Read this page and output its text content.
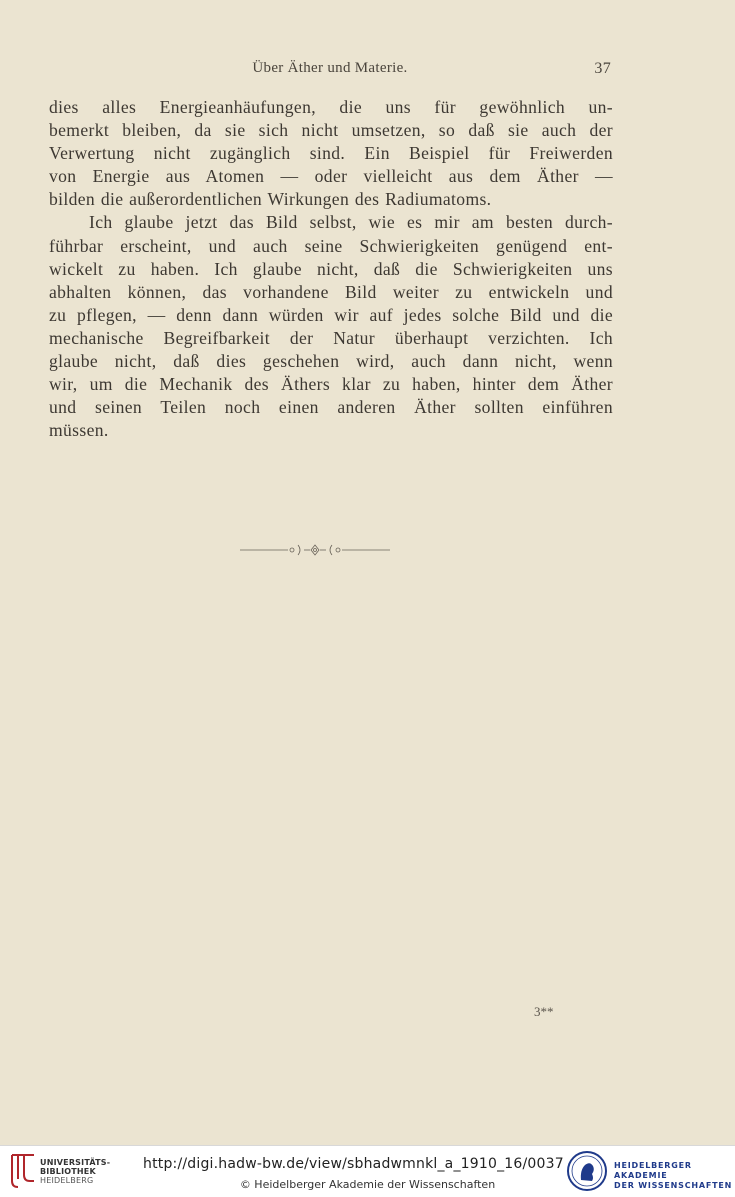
Über Äther und Materie.	37
dies alles Energieanhäufungen, die uns für gewöhnlich un-
bemerkt bleiben, da sie sich nicht umsetzen, so daß sie auch der
Verwertung nicht zugänglich sind. Ein Beispiel für Freiwerden
von Energie aus Atomen — oder vielleicht aus dem Äther —
bilden die außerordentlichen Wirkungen des Radiumatoms.
Ich glaube jetzt das Bild selbst, wie es mir am besten durch-
führbar erscheint, und auch seine Schwierigkeiten genügend ent-
wickelt zu haben. Ich glaube nicht, daß die Schwierigkeiten uns
abhalten können, das vorhandene Bild weiter zu entwickeln und
zu pflegen, — denn dann würden wir auf jedes solche Bild und die
mechanische Begreifbarkeit der Natur überhaupt verzichten. Ich
glaube nicht, daß dies geschehen wird, auch dann nicht, wenn
wir, um die Mechanik des Äthers klar zu haben, hinter dem Äther
und seinen Teilen noch einen anderen Äther sollten einführen
müssen.
3**
UNIVERSITÄTS-
BIBLIOTHEK
HEIDELBERG
http://digi.hadw-bw.de/view/sbhadwmnkl_a_1910_16/0037
© Heidelberger Akademie der Wissenschaften
HEIDELBERGER AKADEMIE
DER WISSENSCHAFTEN
